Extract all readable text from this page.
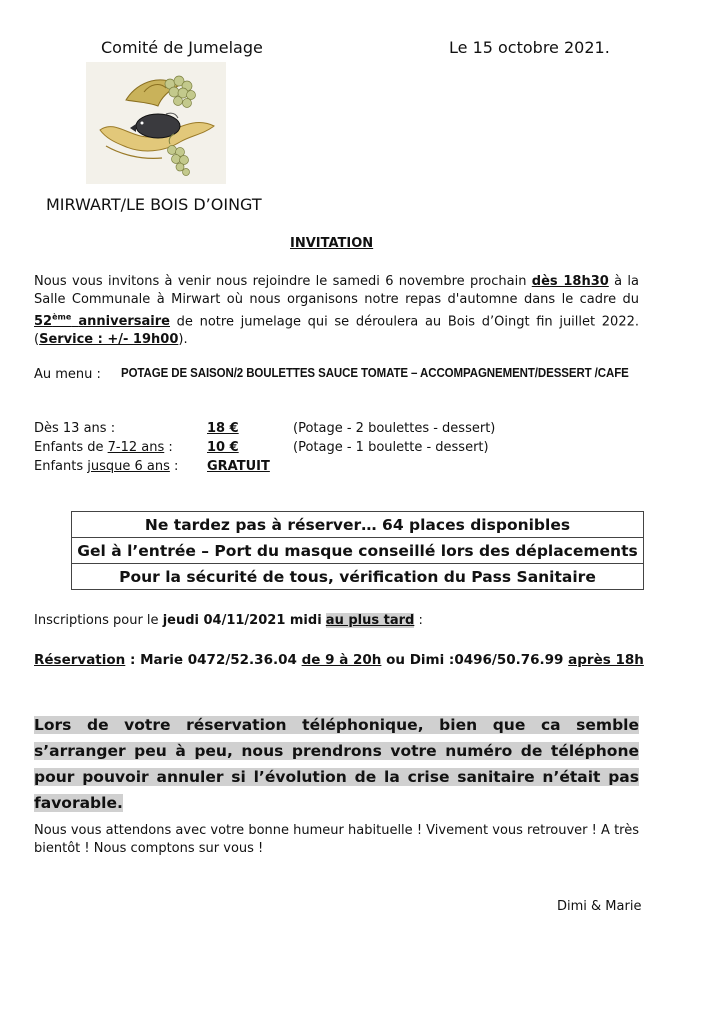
Comité de Jumelage	Le 15 octobre 2021.
MIRWART/LE BOIS D’OINGT
INVITATION
Nous vous invitons à venir nous rejoindre le samedi 6 novembre prochain dès 18h30 à la Salle Communale à Mirwart où nous organisons notre repas d'automne dans le cadre du 52ème anniversaire de notre jumelage qui se déroulera au Bois d’Oingt fin juillet 2022. (Service : +/- 19h00).
Au menu : POTAGE DE SAISON/2 BOULETTES SAUCE TOMATE – ACCOMPAGNEMENT/DESSERT /CAFE
Dès 13 ans :	18 €	(Potage - 2 boulettes - dessert)
Enfants de 7-12 ans :	10 €	(Potage - 1 boulette - dessert)
Enfants jusque 6 ans : GRATUIT
Ne tardez pas à réserver… 64 places disponibles
Gel à l’entrée – Port du masque conseillé lors des déplacements
Pour la sécurité de tous, vérification du Pass Sanitaire
Inscriptions pour le jeudi 04/11/2021 midi au plus tard :
Réservation : Marie 0472/52.36.04 de 9 à 20h ou Dimi :0496/50.76.99 après 18h
Lors de votre réservation téléphonique, bien que ca semble s’arranger peu à peu, nous prendrons votre numéro de téléphone pour pouvoir annuler si l’évolution de la crise sanitaire n’était pas favorable.
Nous vous attendons avec votre bonne humeur habituelle ! Vivement vous retrouver ! A très bientôt ! Nous comptons sur vous !
Dimi & Marie
